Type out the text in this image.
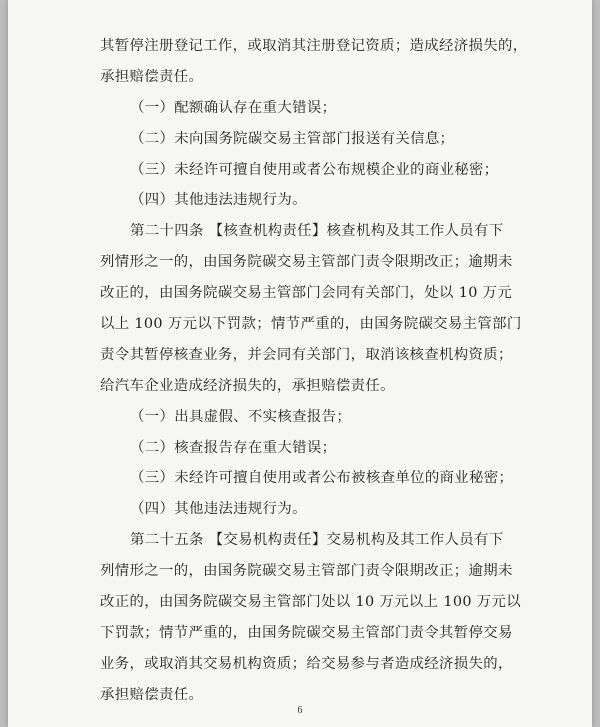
其暂停注册登记工作，或取消其注册登记资质；造成经济损失的，
承担赔偿责任。
（一）配额确认存在重大错误；
（二）未向国务院碳交易主管部门报送有关信息；
（三）未经许可擅自使用或者公布规模企业的商业秘密；
（四）其他违法违规行为。
第二十四条 【核查机构责任】核查机构及其工作人员有下
列情形之一的，由国务院碳交易主管部门责令限期改正；逾期未
改正的，由国务院碳交易主管部门会同有关部门，处以 10 万元
以上 100 万元以下罚款；情节严重的，由国务院碳交易主管部门
责令其暂停核查业务，并会同有关部门，取消该核查机构资质；
给汽车企业造成经济损失的，承担赔偿责任。
（一）出具虚假、不实核查报告；
（二）核查报告存在重大错误；
（三）未经许可擅自使用或者公布被核查单位的商业秘密；
（四）其他违法违规行为。
第二十五条 【交易机构责任】交易机构及其工作人员有下
列情形之一的，由国务院碳交易主管部门责令限期改正；逾期未
改正的，由国务院碳交易主管部门处以 10 万元以上 100 万元以
下罚款；情节严重的，由国务院碳交易主管部门责令其暂停交易
业务，或取消其交易机构资质；给交易参与者造成经济损失的，
承担赔偿责任。
6
